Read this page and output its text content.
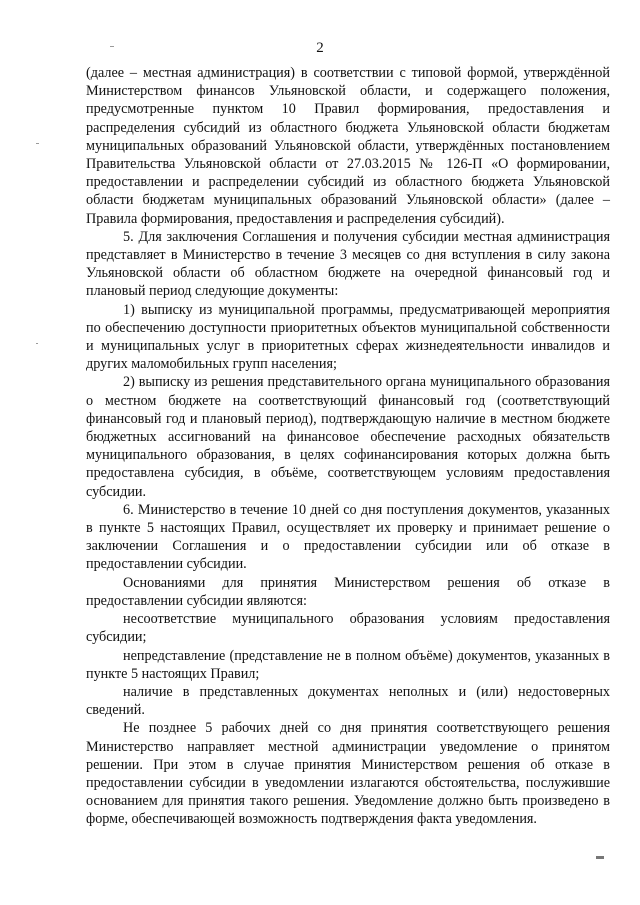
2

(далее – местная администрация) в соответствии с типовой формой, утверждённой Министерством финансов Ульяновской области, и содержащего положения, предусмотренные пунктом 10 Правил формирования, предоставления и распределения субсидий из областного бюджета Ульяновской области бюджетам муниципальных образований Ульяновской области, утверждённых постановлением Правительства Ульяновской области от 27.03.2015 № 126-П «О формировании, предоставлении и распределении субсидий из областного бюджета Ульяновской области бюджетам муниципальных образований Ульяновской области» (далее – Правила формирования, предоставления и распределения субсидий).

5. Для заключения Соглашения и получения субсидии местная администрация представляет в Министерство в течение 3 месяцев со дня вступления в силу закона Ульяновской области об областном бюджете на очередной финансовый год и плановый период следующие документы:

1) выписку из муниципальной программы, предусматривающей мероприятия по обеспечению доступности приоритетных объектов муниципальной собственности и муниципальных услуг в приоритетных сферах жизнедеятельности инвалидов и других маломобильных групп населения;

2) выписку из решения представительного органа муниципального образования о местном бюджете на соответствующий финансовый год (соответствующий финансовый год и плановый период), подтверждающую наличие в местном бюджете бюджетных ассигнований на финансовое обеспечение расходных обязательств муниципального образования, в целях софинансирования которых должна быть предоставлена субсидия, в объёме, соответствующем условиям предоставления субсидии.

6. Министерство в течение 10 дней со дня поступления документов, указанных в пункте 5 настоящих Правил, осуществляет их проверку и принимает решение о заключении Соглашения и о предоставлении субсидии или об отказе в предоставлении субсидии.

Основаниями для принятия Министерством решения об отказе в предоставлении субсидии являются:

несоответствие муниципального образования условиям предоставления субсидии;

непредставление (представление не в полном объёме) документов, указанных в пункте 5 настоящих Правил;

наличие в представленных документах неполных и (или) недостоверных сведений.

Не позднее 5 рабочих дней со дня принятия соответствующего решения Министерство направляет местной администрации уведомление о принятом решении. При этом в случае принятия Министерством решения об отказе в предоставлении субсидии в уведомлении излагаются обстоятельства, послужившие основанием для принятия такого решения. Уведомление должно быть произведено в форме, обеспечивающей возможность подтверждения факта уведомления.
